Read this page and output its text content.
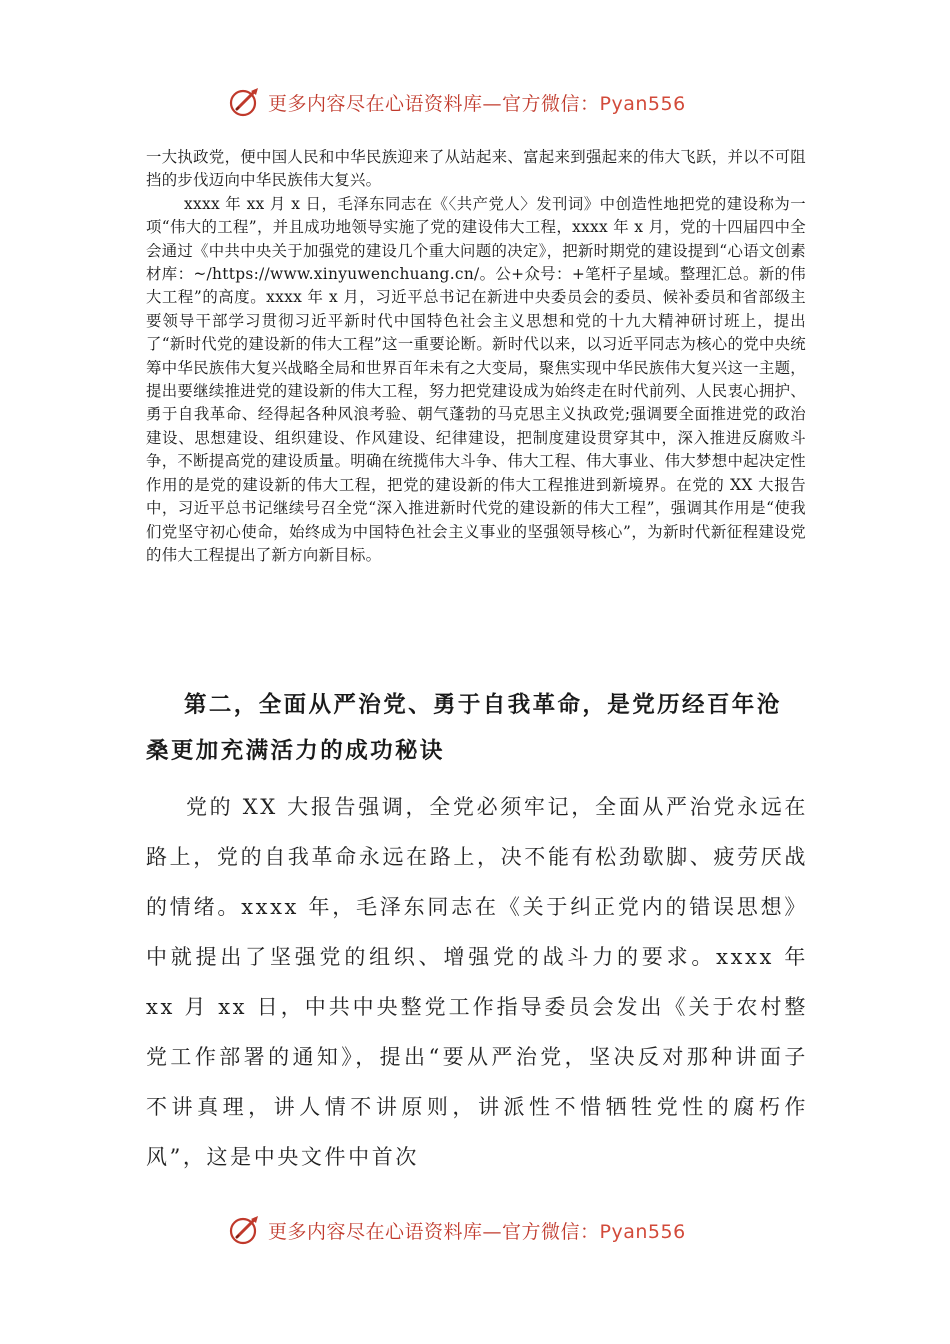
更多内容尽在心语资料库—官方微信：Pyan556

一大执政党，便中国人民和中华民族迎来了从站起来、富起来到强起来的伟大飞跃，并以不可阻挡的步伐迈向中华民族伟大复兴。

xxxx 年 xx 月 x 日，毛泽东同志在《〈共产党人〉发刊词》中创造性地把党的建设称为一项“伟大的工程”，并且成功地领导实施了党的建设伟大工程，xxxx 年 x 月，党的十四届四中全会通过《中共中央关于加强党的建设几个重大问题的决定》，把新时期党的建设提到“心语文创素材库：~/https://www.xinyuwenchuang.cn/。公+众号：+笔杆子星域。整理汇总。新的伟大工程”的高度。xxxx 年 x 月，习近平总书记在新进中央委员会的委员、候补委员和省部级主要领导干部学习贯彻习近平新时代中国特色社会主义思想和党的十九大精神研讨班上，提出了“新时代党的建设新的伟大工程”这一重要论断。新时代以来，以习近平同志为核心的党中央统筹中华民族伟大复兴战略全局和世界百年未有之大变局，聚焦实现中华民族伟大复兴这一主题，提出要继续推进党的建设新的伟大工程，努力把党建设成为始终走在时代前列、人民衷心拥护、勇于自我革命、经得起各种风浪考验、朝气蓬勃的马克思主义执政党;强调要全面推进党的政治建设、思想建设、组织建设、作风建设、纪律建设，把制度建设贯穿其中，深入推进反腐败斗争，不断提高党的建设质量。明确在统揽伟大斗争、伟大工程、伟大事业、伟大梦想中起决定性作用的是党的建设新的伟大工程，把党的建设新的伟大工程推进到新境界。在党的 XX 大报告中，习近平总书记继续号召全党“深入推进新时代党的建设新的伟大工程”，强调其作用是“使我们党坚守初心使命，始终成为中国特色社会主义事业的坚强领导核心”，为新时代新征程建设党的伟大工程提出了新方向新目标。

第二，全面从严治党、勇于自我革命，是党历经百年沧桑更加充满活力的成功秘诀
党的 XX 大报告强调，全党必须牢记，全面从严治党永远在路上，党的自我革命永远在路上，决不能有松劲歇脚、疲劳厌战的情绪。xxxx 年，毛泽东同志在《关于纠正党内的错误思想》中就提出了坚强党的组织、增强党的战斗力的要求。xxxx 年 xx 月 xx 日，中共中央整党工作指导委员会发出《关于农村整党工作部署的通知》，提出“要从严治党，坚决反对那种讲面子不讲真理，讲人情不讲原则，讲派性不惜牺牲党性的腐朽作风”，这是中央文件中首次
更多内容尽在心语资料库—官方微信：Pyan556
